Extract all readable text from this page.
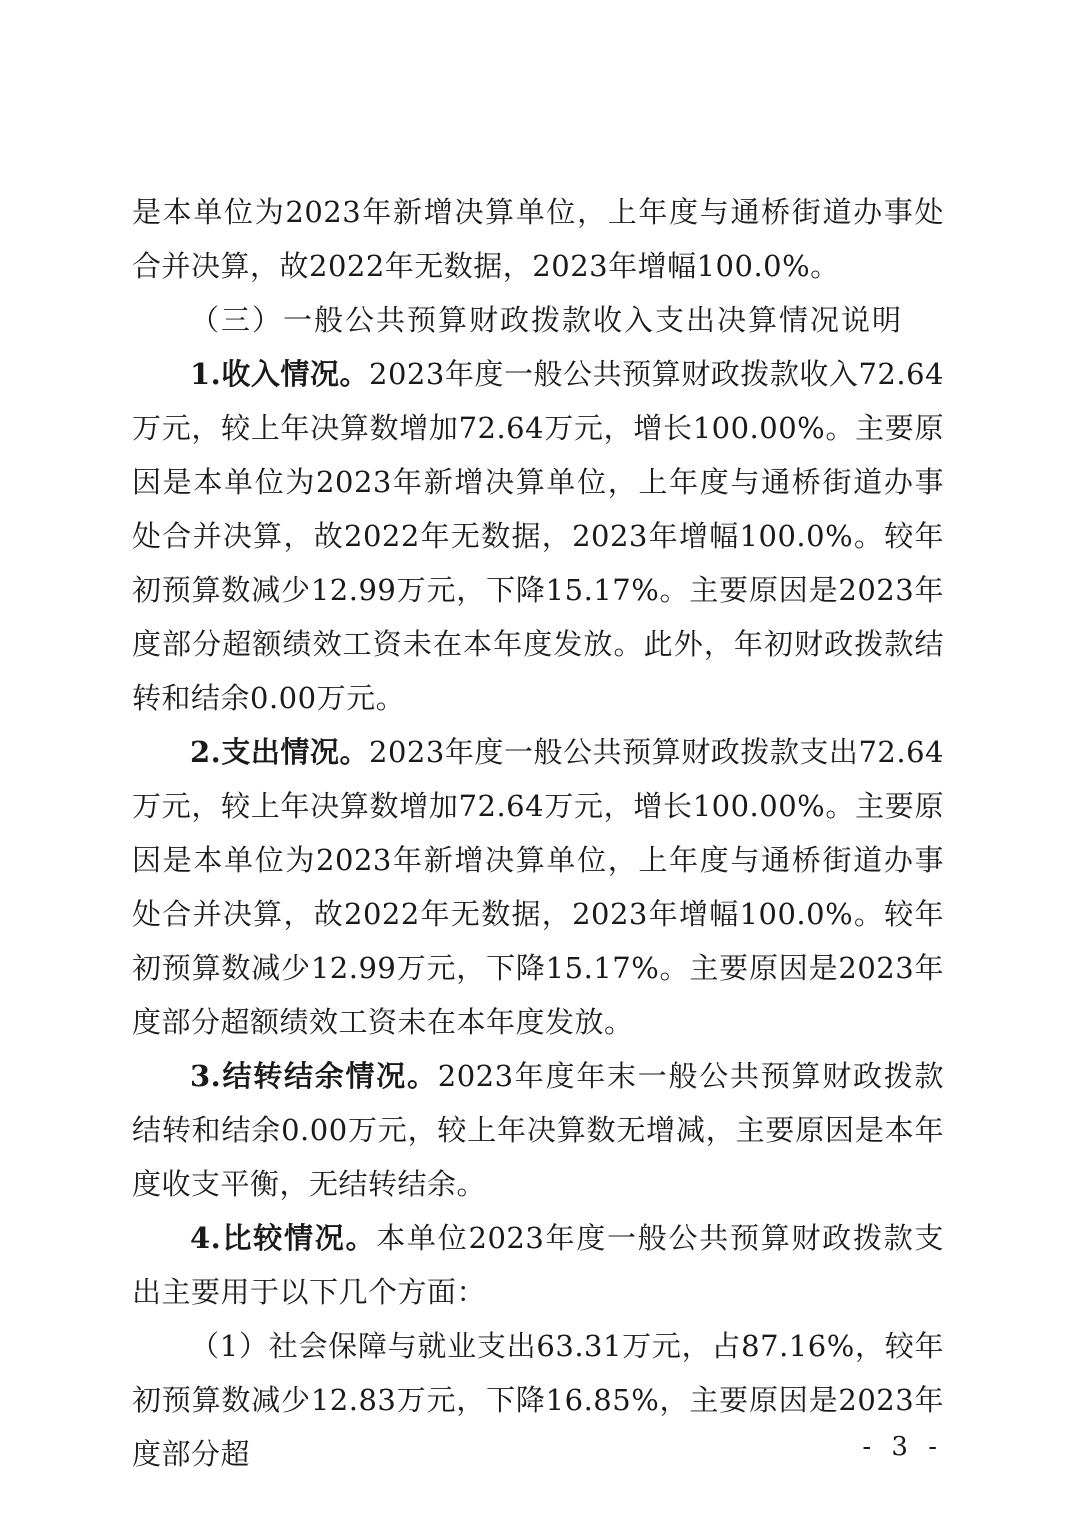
是本单位为2023年新增决算单位，上年度与通桥街道办事处合并决算，故2022年无数据，2023年增幅100.0%。

（三）一般公共预算财政拨款收入支出决算情况说明

1.收入情况。2023年度一般公共预算财政拨款收入72.64万元，较上年决算数增加72.64万元，增长100.00%。主要原因是本单位为2023年新增决算单位，上年度与通桥街道办事处合并决算，故2022年无数据，2023年增幅100.0%。较年初预算数减少12.99万元，下降15.17%。主要原因是2023年度部分超额绩效工资未在本年度发放。此外，年初财政拨款结转和结余0.00万元。

2.支出情况。2023年度一般公共预算财政拨款支出72.64万元，较上年决算数增加72.64万元，增长100.00%。主要原因是本单位为2023年新增决算单位，上年度与通桥街道办事处合并决算，故2022年无数据，2023年增幅100.0%。较年初预算数减少12.99万元，下降15.17%。主要原因是2023年度部分超额绩效工资未在本年度发放。

3.结转结余情况。2023年度年末一般公共预算财政拨款结转和结余0.00万元，较上年决算数无增减，主要原因是本年度收支平衡，无结转结余。

4.比较情况。本单位2023年度一般公共预算财政拨款支出主要用于以下几个方面：

（1）社会保障与就业支出63.31万元，占87.16%，较年初预算数减少12.83万元，下降16.85%，主要原因是2023年度部分超	- 3 -
